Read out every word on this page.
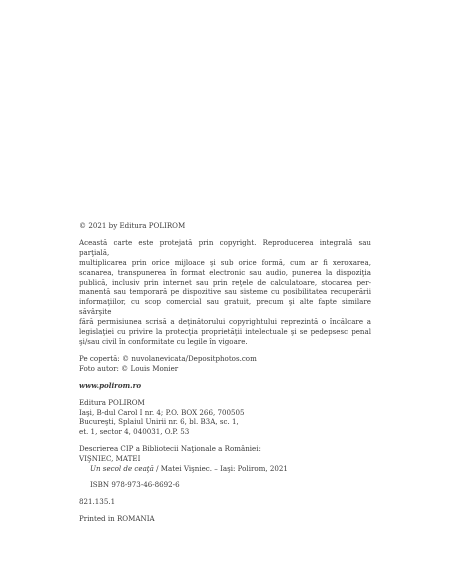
© 2021 by Editura POLIROM
Această carte este protejată prin copyright. Reproducerea integrală sau parţială,
multiplicarea prin orice mijloace şi sub orice formă, cum ar fi xeroxarea,
scanarea, transpunerea în format electronic sau audio, punerea la dispoziţia
publică, inclusiv prin internet sau prin reţele de calculatoare, stocarea per-
manentă sau temporară pe dispozitive sau sisteme cu posibilitatea recuperării
informaţiilor, cu scop comercial sau gratuit, precum şi alte fapte similare săvârşite
fără permisiunea scrisă a deţinătorului copyrightului reprezintă o încălcare a
legislaţiei cu privire la protecţia proprietăţii intelectuale şi se pedepsesc penal
şi/sau civil în conformitate cu legile în vigoare.
Pe copertă: © nuvolanevicata/Depositphotos.com
Foto autor: © Louis Monier
www.polirom.ro
Editura POLIROM
Iaşi, B-dul Carol I nr. 4; P.O. BOX 266, 700505
Bucureşti, Splaiul Unirii nr. 6, bl. B3A, sc. 1,
et. 1, sector 4, 040031, O.P. 53
Descrierea CIP a Bibliotecii Naţionale a României:
VIŞNIEC, MATEI
Un secol de ceaţă / Matei Vişniec. – Iaşi: Polirom, 2021
ISBN 978-973-46-8692-6
821.135.1
Printed in ROMANIA
